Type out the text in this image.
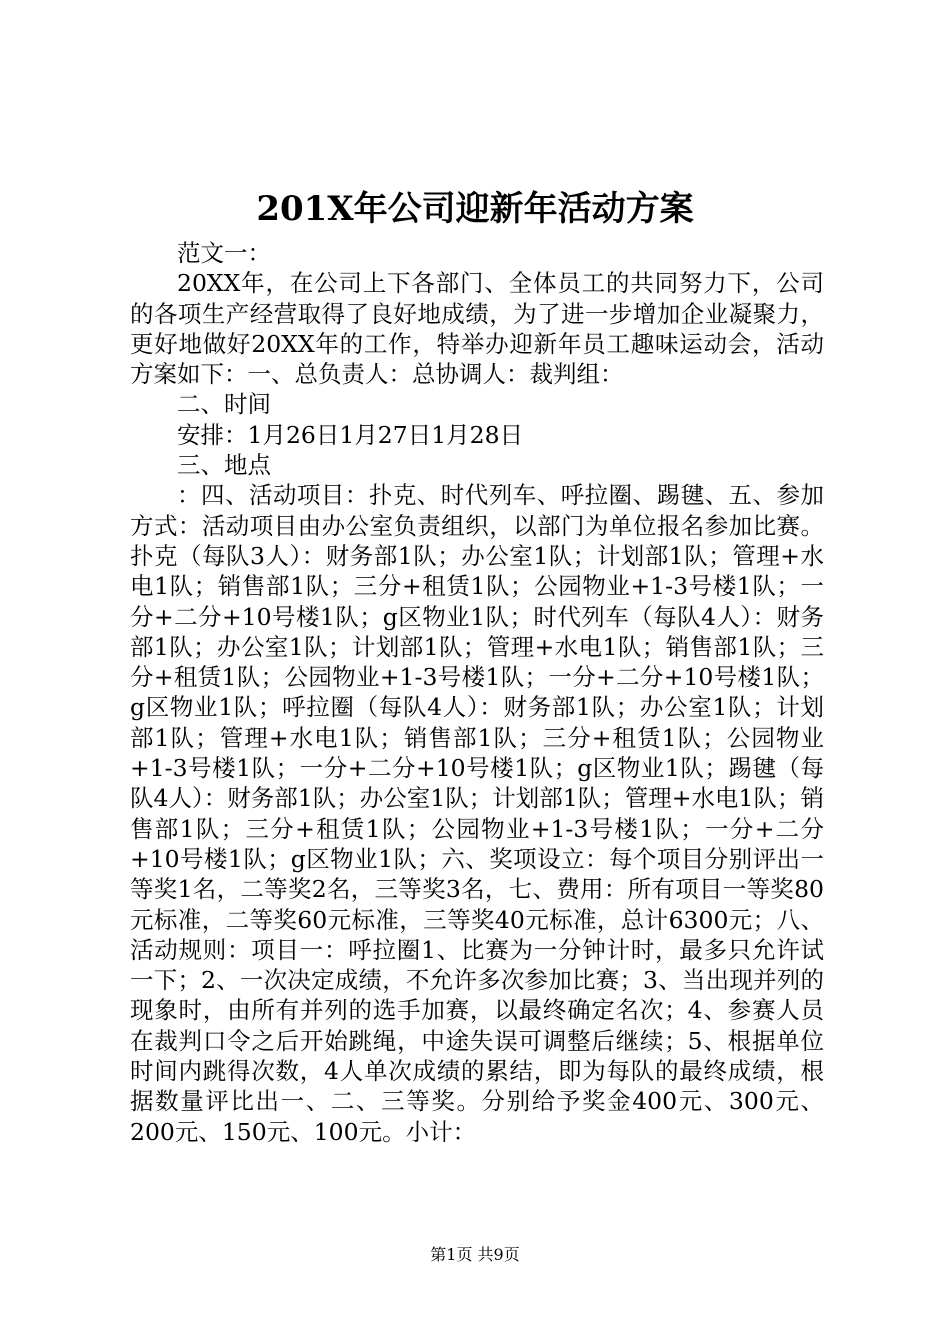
201X年公司迎新年活动方案

范文一：

20XX年，在公司上下各部门、全体员工的共同努力下，公司的各项生产经营取得了良好地成绩，为了进一步增加企业凝聚力，更好地做好20XX年的工作，特举办迎新年员工趣味运动会，活动方案如下：一、总负责人：总协调人：裁判组：

二、时间

安排：1月26日1月27日1月28日

三、地点

：四、活动项目：扑克、时代列车、呼拉圈、踢毽、五、参加方式：活动项目由办公室负责组织，以部门为单位报名参加比赛。扑克（每队3人）：财务部1队；办公室1队；计划部1队；管理+水电1队；销售部1队；三分+租赁1队；公园物业+1-3号楼1队；一分+二分+10号楼1队；g区物业1队；时代列车（每队4人）：财务部1队；办公室1队；计划部1队；管理+水电1队；销售部1队；三分+租赁1队；公园物业+1-3号楼1队；一分+二分+10号楼1队；g区物业1队；呼拉圈（每队4人）：财务部1队；办公室1队；计划部1队；管理+水电1队；销售部1队；三分+租赁1队；公园物业+1-3号楼1队；一分+二分+10号楼1队；g区物业1队；踢毽（每队4人）：财务部1队；办公室1队；计划部1队；管理+水电1队；销售部1队；三分+租赁1队；公园物业+1-3号楼1队；一分+二分+10号楼1队；g区物业1队；六、奖项设立：每个项目分别评出一等奖1名，二等奖2名，三等奖3名，七、费用：所有项目一等奖80元标准，二等奖60元标准，三等奖40元标准，总计6300元；八、活动规则：项目一：呼拉圈1、比赛为一分钟计时，最多只允许试一下；2、一次决定成绩，不允许多次参加比赛；3、当出现并列的现象时，由所有并列的选手加赛，以最终确定名次；4、参赛人员在裁判口令之后开始跳绳，中途失误可调整后继续；5、根据单位时间内跳得次数，4人单次成绩的累结，即为每队的最终成绩，根据数量评比出一、二、三等奖。分别给予奖金400元、300元、200元、150元、100元。小计：

第1页 共9页
